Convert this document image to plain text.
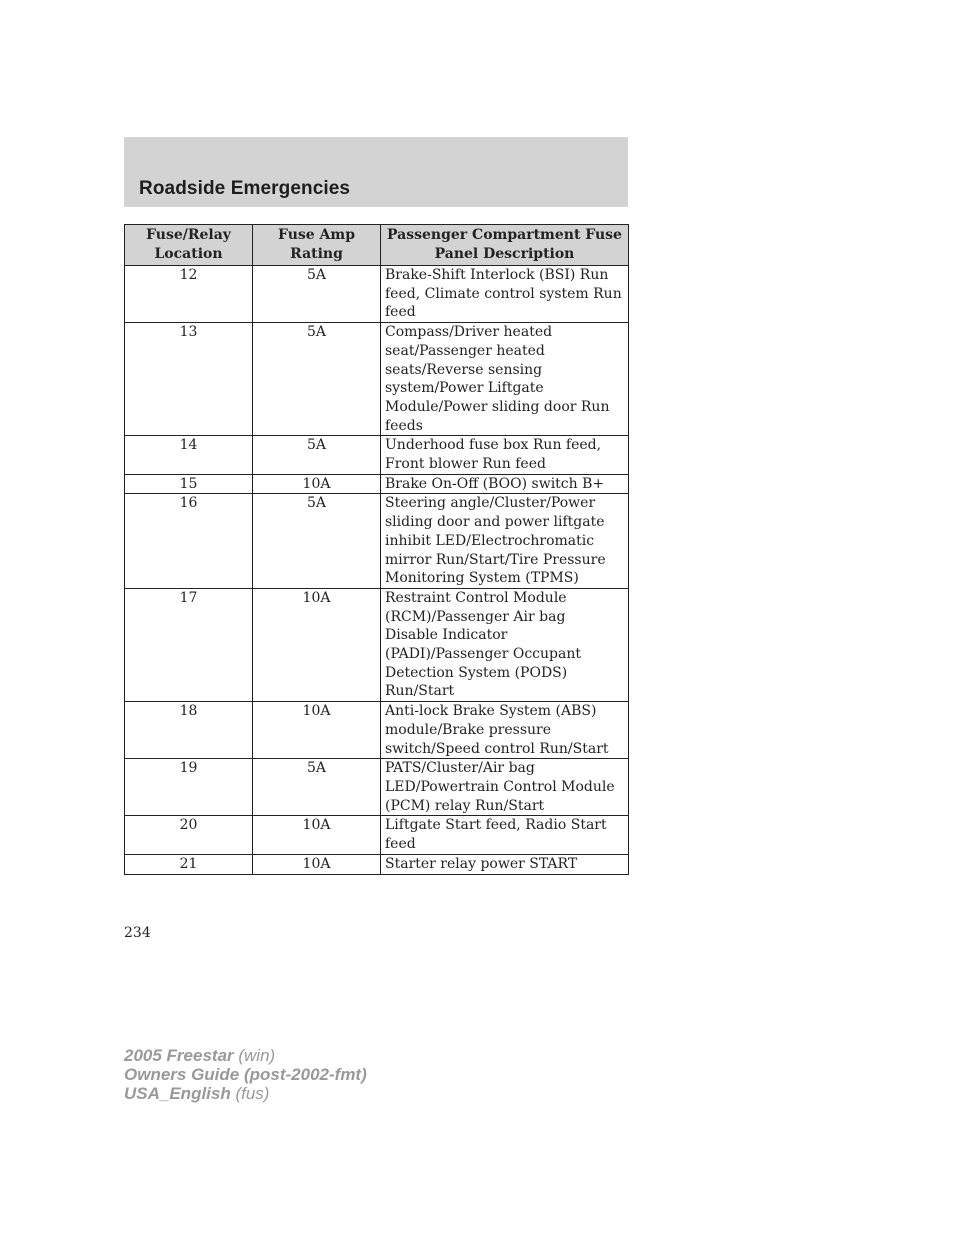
Roadside Emergencies
Fuse/Relay Location	Fuse Amp Rating	Passenger Compartment Fuse Panel Description
12	5A	Brake-Shift Interlock (BSI) Run feed, Climate control system Run feed
13	5A	Compass/Driver heated seat/Passenger heated seats/Reverse sensing system/Power Liftgate Module/Power sliding door Run feeds
14	5A	Underhood fuse box Run feed, Front blower Run feed
15	10A	Brake On-Off (BOO) switch B+
16	5A	Steering angle/Cluster/Power sliding door and power liftgate inhibit LED/Electrochromatic mirror Run/Start/Tire Pressure Monitoring System (TPMS)
17	10A	Restraint Control Module (RCM)/Passenger Air bag Disable Indicator (PADI)/Passenger Occupant Detection System (PODS) Run/Start
18	10A	Anti-lock Brake System (ABS) module/Brake pressure switch/Speed control Run/Start
19	5A	PATS/Cluster/Air bag LED/Powertrain Control Module (PCM) relay Run/Start
20	10A	Liftgate Start feed, Radio Start feed
21	10A	Starter relay power START
234
2005 Freestar (win)
Owners Guide (post-2002-fmt)
USA_English (fus)
